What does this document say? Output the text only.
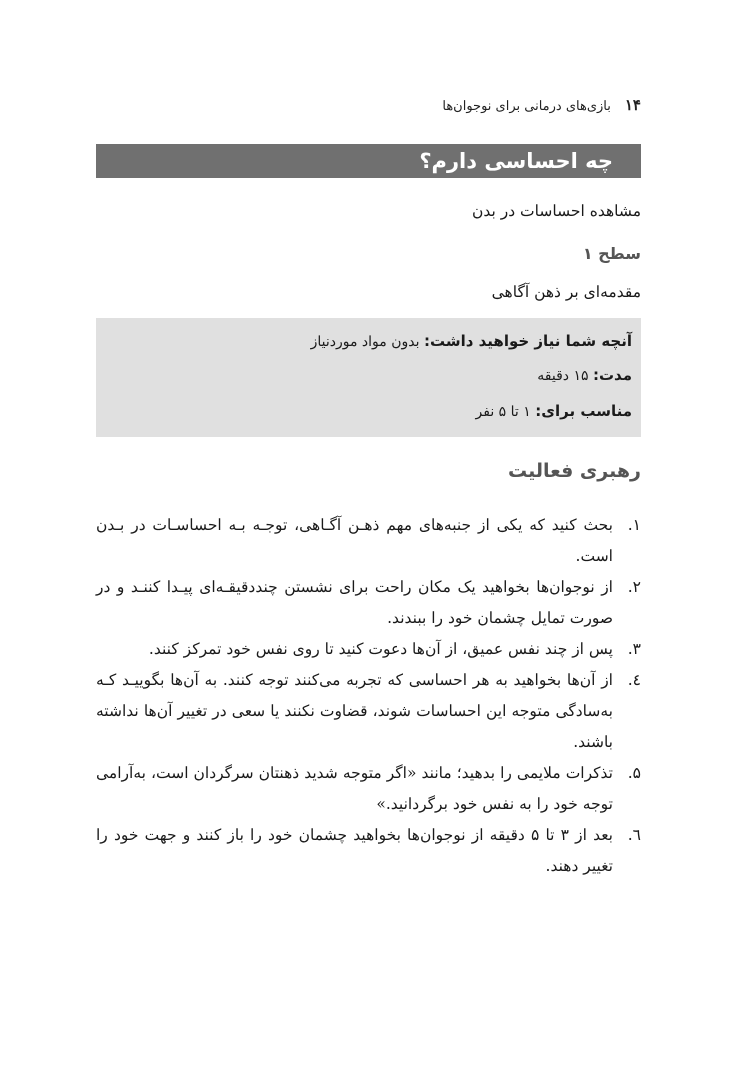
۱۴
بازی‌های درمانی برای نوجوان‌ها
چه احساسی دارم؟
مشاهده احساسات در بدن
سطح ۱
مقدمه‌ای بر ذهن آگاهی
آنچه شما نیاز خواهید داشت: بدون مواد موردنیاز
مدت: ۱۵ دقیقه
مناسب برای: ۱ تا ۵ نفر
رهبری فعالیت
۱.
بحث کنید که یکی از جنبه‌های مهم ذهـن آگـاهی، توجـه بـه احساسـات در بـدن است.
۲.
از نوجوان‌ها بخواهید یک مکان راحت برای نشستن چنددقیقـه‌ای پیـدا کننـد و در صورت تمایل چشمان خود را ببندند.
۳.
پس از چند نفس عمیق، از آن‌ها دعوت کنید تا روی نفس خود تمرکز کنند.
٤.
از آن‌ها بخواهید به هر احساسی که تجربه می‌کنند توجه کنند. به آن‌ها بگوییـد کـه به‌سادگی متوجه این احساسات شوند، قضاوت نکنند یا سعی در تغییر آن‌ها نداشته باشند.
۵.
تذکرات ملایمی را بدهید؛ مانند «اگر متوجه شدید ذهنتان سرگردان است، به‌آرامی توجه خود را به نفس خود برگردانید.»
٦.
بعد از ۳ تا ۵ دقیقه از نوجوان‌ها بخواهید چشمان خود را باز کنند و جهت خود را تغییر دهند.
